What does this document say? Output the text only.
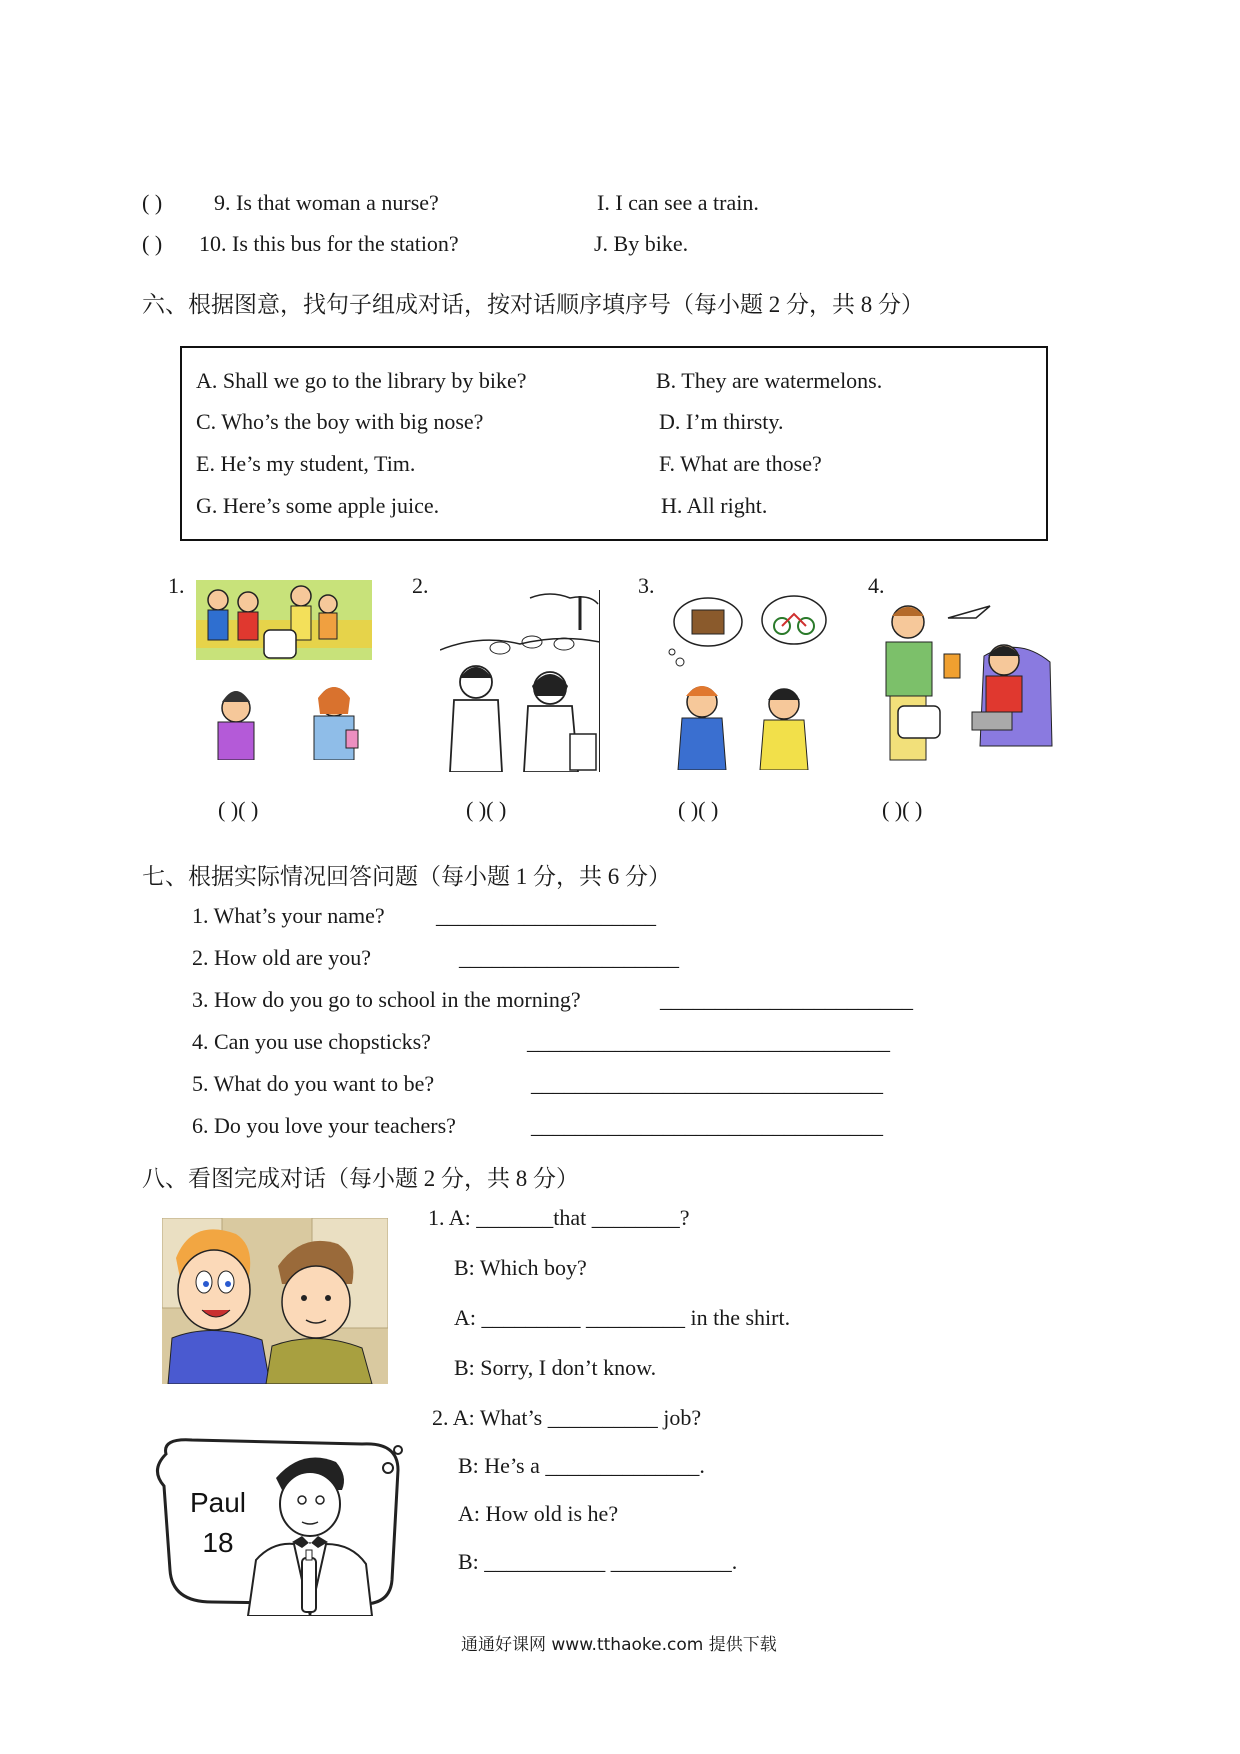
( ) 9. Is that woman a nurse?	I. I can see a train.
( ) 10. Is this bus for the station?	J. By bike.
六、根据图意，找句子组成对话，按对话顺序填序号（每小题 2 分，共 8 分）
A. Shall we go to the library by bike?	B. They are watermelons.
C. Who’s the boy with big nose?	D. I’m thirsty.
E. He’s my student, Tim.	F. What are those?
G. Here’s some apple juice.	H. All right.
1.	2.	3.	4.
( )( )	( )( )	( )( )	( )( )
七、根据实际情况回答问题（每小题 1 分，共 6 分）
1. What’s your name? ____________________
2. How old are you?	____________________
3. How do you go to school in the morning?	_______________________
4. Can you use chopsticks?	_________________________________
5. What do you want to be?	________________________________
6. Do you love your teachers?	________________________________
八、看图完成对话（每小题 2 分，共 8 分）
1. A: _______that ________?
B: Which boy?
A: _________ _________ in the shirt.
B: Sorry, I don’t know.
Paul
18
2. A: What’s __________ job?
B: He’s a ______________.
A: How old is he?
B: ___________ ___________.
通通好课网 www.tthaoke.com 提供下载
